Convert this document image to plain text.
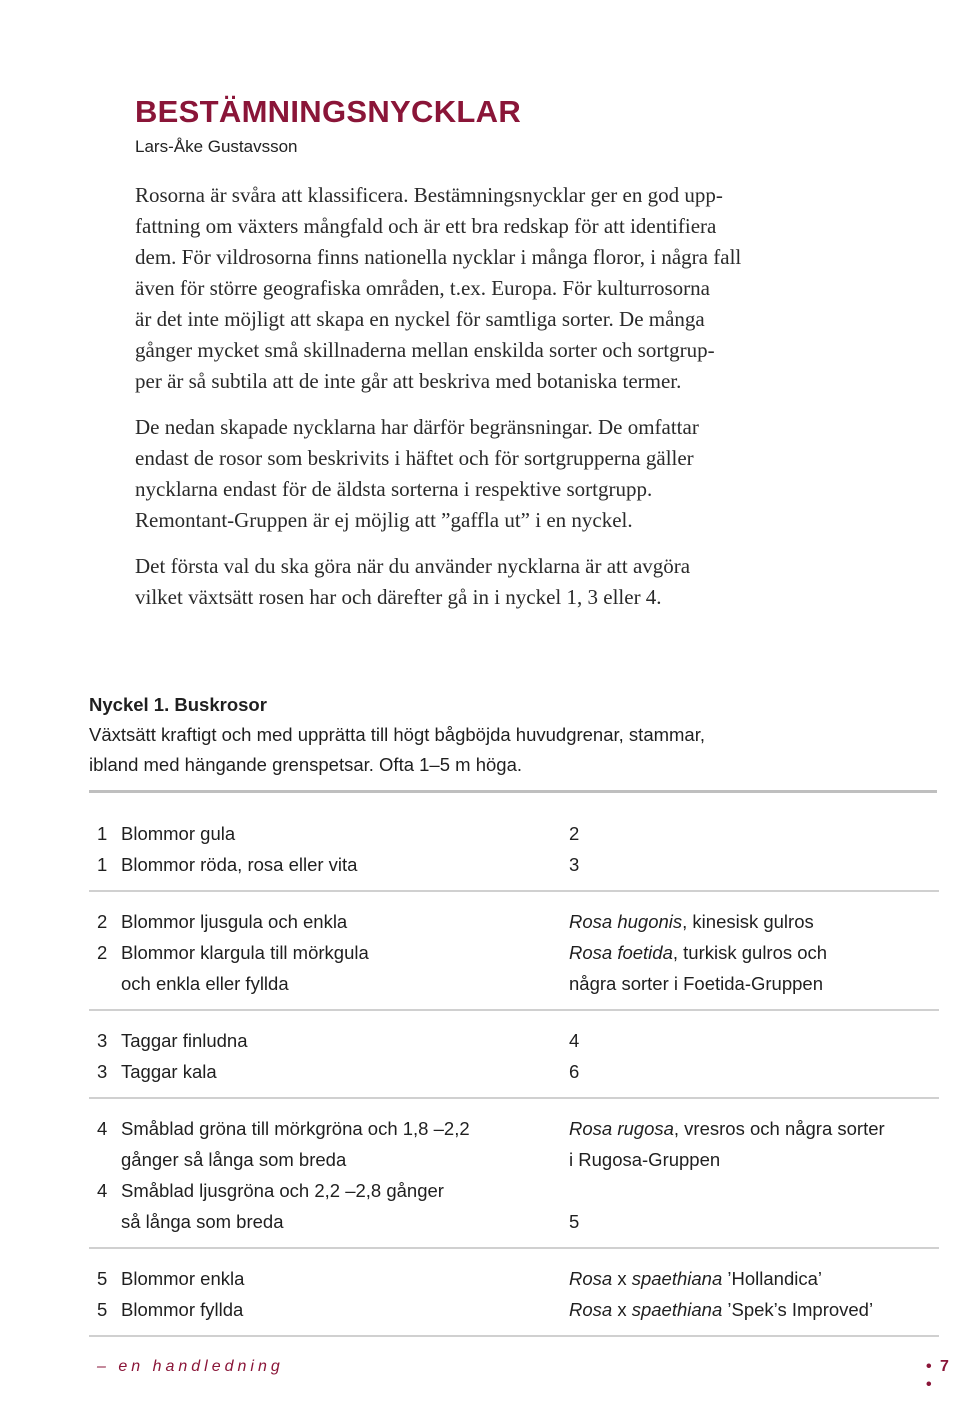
BESTÄMNINGSNYCKLAR
Lars-Åke Gustavsson

Rosorna är svåra att klassificera. Bestämningsnycklar ger en god upp-
fattning om växters mångfald och är ett bra redskap för att identifiera
dem. För vildrosorna finns nationella nycklar i många floror, i några fall
även för större geografiska områden, t.ex. Europa. För kulturrosorna
är det inte möjligt att skapa en nyckel för samtliga sorter. De många
gånger mycket små skillnaderna mellan enskilda sorter och sortgrup-
per är så subtila att de inte går att beskriva med botaniska termer.

De nedan skapade nycklarna har därför begränsningar. De omfattar
endast de rosor som beskrivits i häftet och för sortgrupperna gäller
nycklarna endast för de äldsta sorterna i respektive sortgrupp.
Remontant-Gruppen är ej möjlig att ”gaffla ut” i en nyckel.

Det första val du ska göra när du använder nycklarna är att avgöra
vilket växtsätt rosen har och därefter gå in i nyckel 1, 3 eller 4.

Nyckel 1. Buskrosor
Växtsätt kraftigt och med upprätta till högt bågböjda huvudgrenar, stammar,
ibland med hängande grenspetsar. Ofta 1–5 m höga.
1 Blommor gula	2
1 Blommor röda, rosa eller vita	3
2 Blommor ljusgula och enkla	Rosa hugonis, kinesisk gulros
2 Blommor klargula till mörkgula	Rosa foetida, turkisk gulros och
och enkla eller fyllda	några sorter i Foetida-Gruppen
3 Taggar finludna	4
3 Taggar kala	6
4 Småblad gröna till mörkgröna och 1,8 –2,2	Rosa rugosa, vresros och några sorter
gånger så långa som breda	i Rugosa-Gruppen
4 Småblad ljusgröna och 2,2 –2,8 gånger
så långa som breda	5
5 Blommor enkla	Rosa x spaethiana ’Hollandica’
5 Blommor fyllda	Rosa x spaethiana ’Spek’s Improved’
– en handledning	• 7 •
